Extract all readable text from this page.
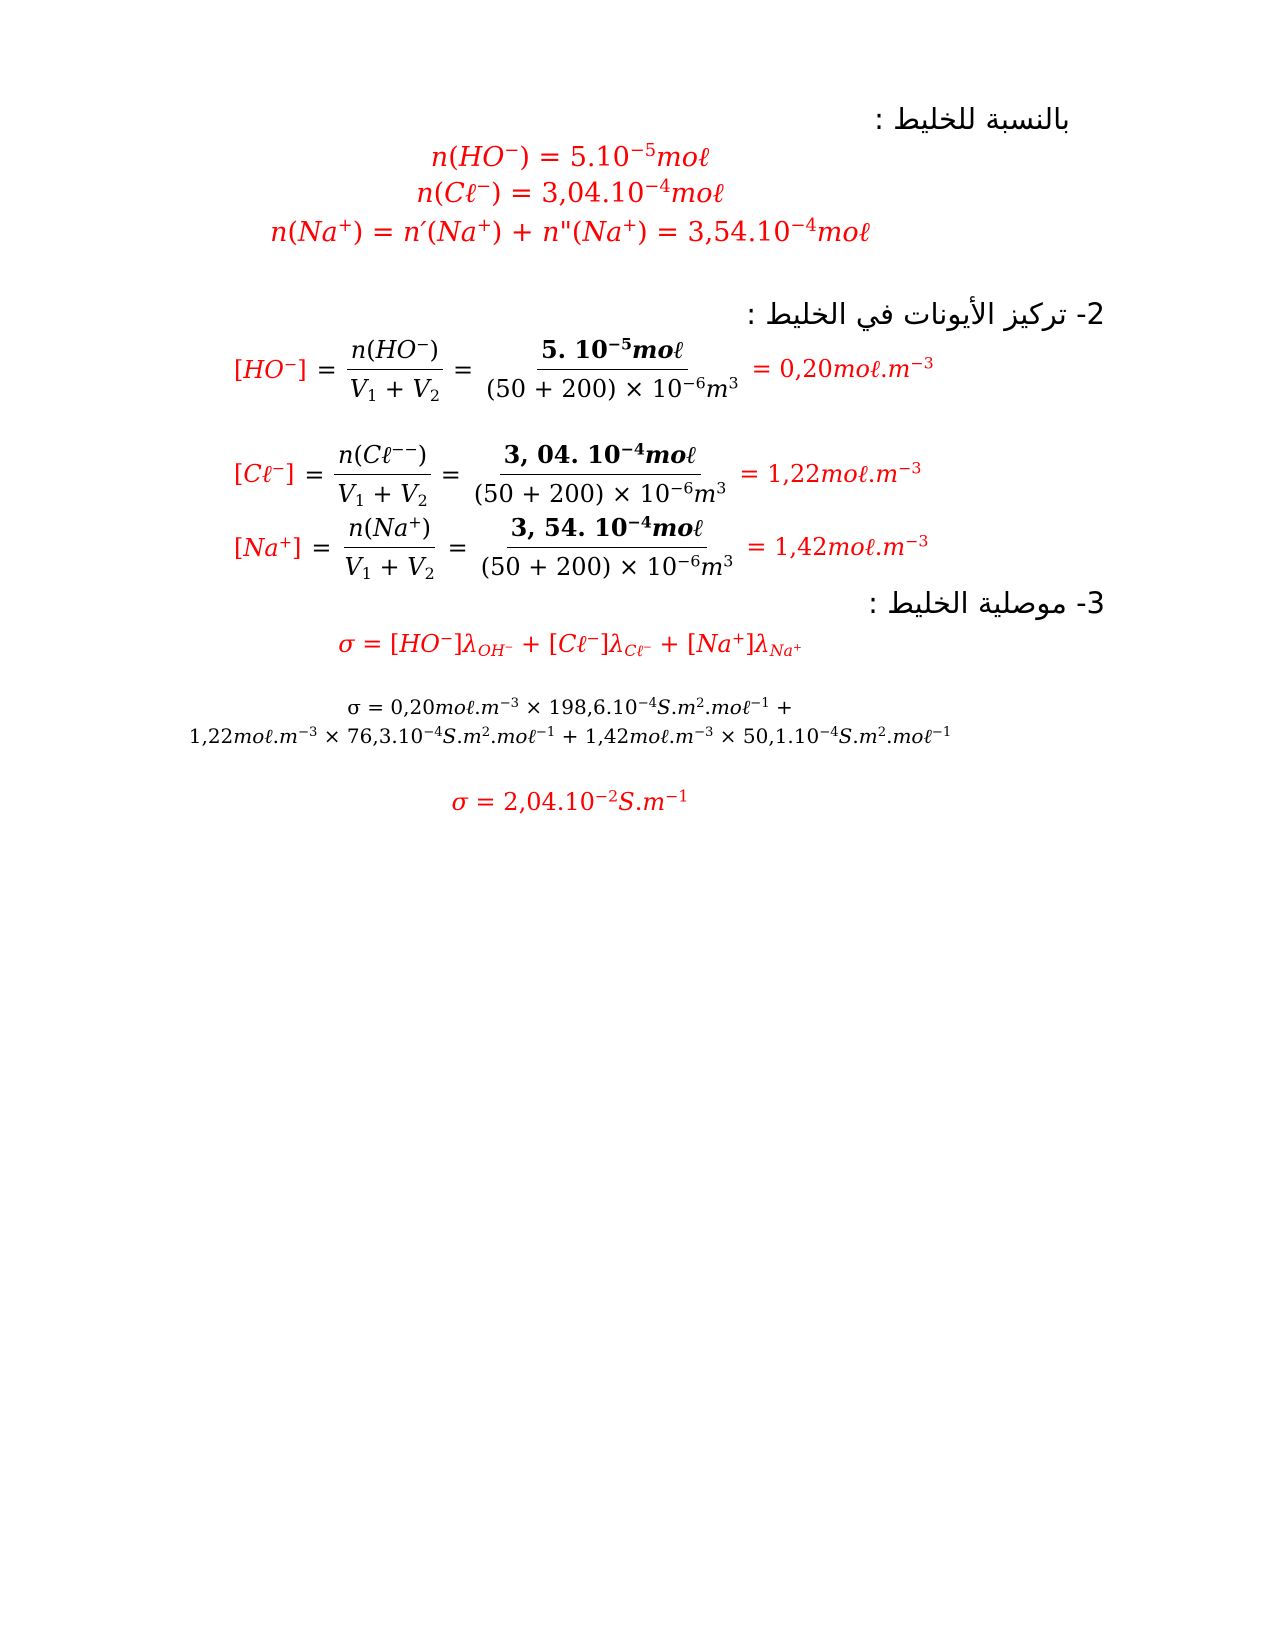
بالنسبة للخليط :
$n(HO^-) = 5.10^{-5}mo\ell$
n(Cℓ−) = $3,04.10^{-4}mo\ell$
n(Na+) = n′(Na+) + n"(Na+) = $3,54.10^{-4}mo\ell$
2- تركيز الأيونات في الخليط :
$[HO^-] = \frac{n(HO^-)}{V_1 + V_2} = \frac{5. 10^{-5}mo\ell}{(50 + 200) \times 10^{-6}m^3}$ = $0,20mo\ell.m^{-3}$
[Cℓ−] = $\frac{n(C\ell^{--})}{V_1 + V_2} = \frac{3, 04. 10^{-4}mo\ell}{(50 + 200) \times 10^{-6}m^3}$ = $1,22mo\ell.m^{-3}$
$[Na^+] = \frac{n(Na^+)}{V_1 + V_2} = \frac{3, 54. 10^{-4}mo\ell}{(50 + 200) \times 10^{-6}m^3}$ = $1,42mo\ell.m^{-3}$
3- موصلية الخليط :
$\sigma = [HO^-]\lambda_{OH^-}$ + $[C\ell^-]\lambda_{C\ell^-} + [Na^+]\lambda_{Na^+}$
$\sigma = 0,20mo\ell.m^{-3}$ × $198,6.10^{-4}S.m^2.mo\ell^{-1}$ +
$1,22mo\ell.m^{-3}$ × $76,3.10^{-4}S.m^2.mo\ell^{-1}$ + $1,42mo\ell.m^{-3}$ × $50,1.10^{-4}S.m^2.mo\ell^{-1}$
$\sigma = 2,04.10^{-2}S.m^{-1}$
